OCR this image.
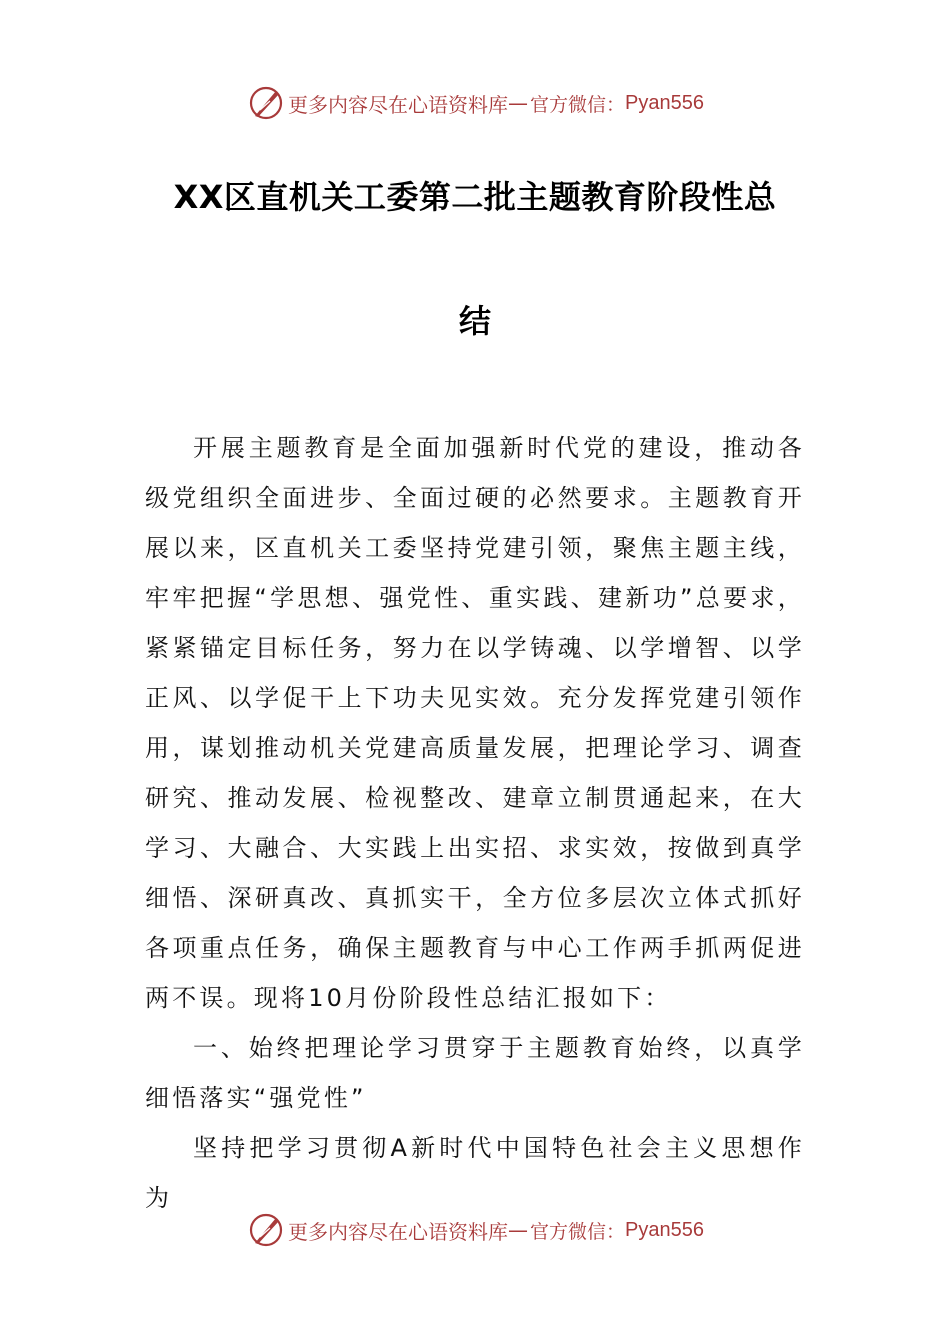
更多内容尽在心语资料库 — 官方微信： Pyan556
XX区直机关工委第二批主题教育阶段性总
结

开展主题教育是全面加强新时代党的建设，推动各级党组织全面进步、全面过硬的必然要求。主题教育开展以来，区直机关工委坚持党建引领，聚焦主题主线，牢牢把握“学思想、强党性、重实践、建新功”总要求，紧紧锚定目标任务，努力在以学铸魂、以学增智、以学正风、以学促干上下功夫见实效。充分发挥党建引领作用，谋划推动机关党建高质量发展，把理论学习、调查研究、推动发展、检视整改、建章立制贯通起来，在大学习、大融合、大实践上出实招、求实效，按做到真学细悟、深研真改、真抓实干，全方位多层次立体式抓好各项重点任务，确保主题教育与中心工作两手抓两促进两不误。现将10月份阶段性总结汇报如下：

一、始终把理论学习贯穿于主题教育始终，以真学细悟落实“强党性”

坚持把学习贯彻A新时代中国特色社会主义思想作为

更多内容尽在心语资料库 — 官方微信： Pyan556
